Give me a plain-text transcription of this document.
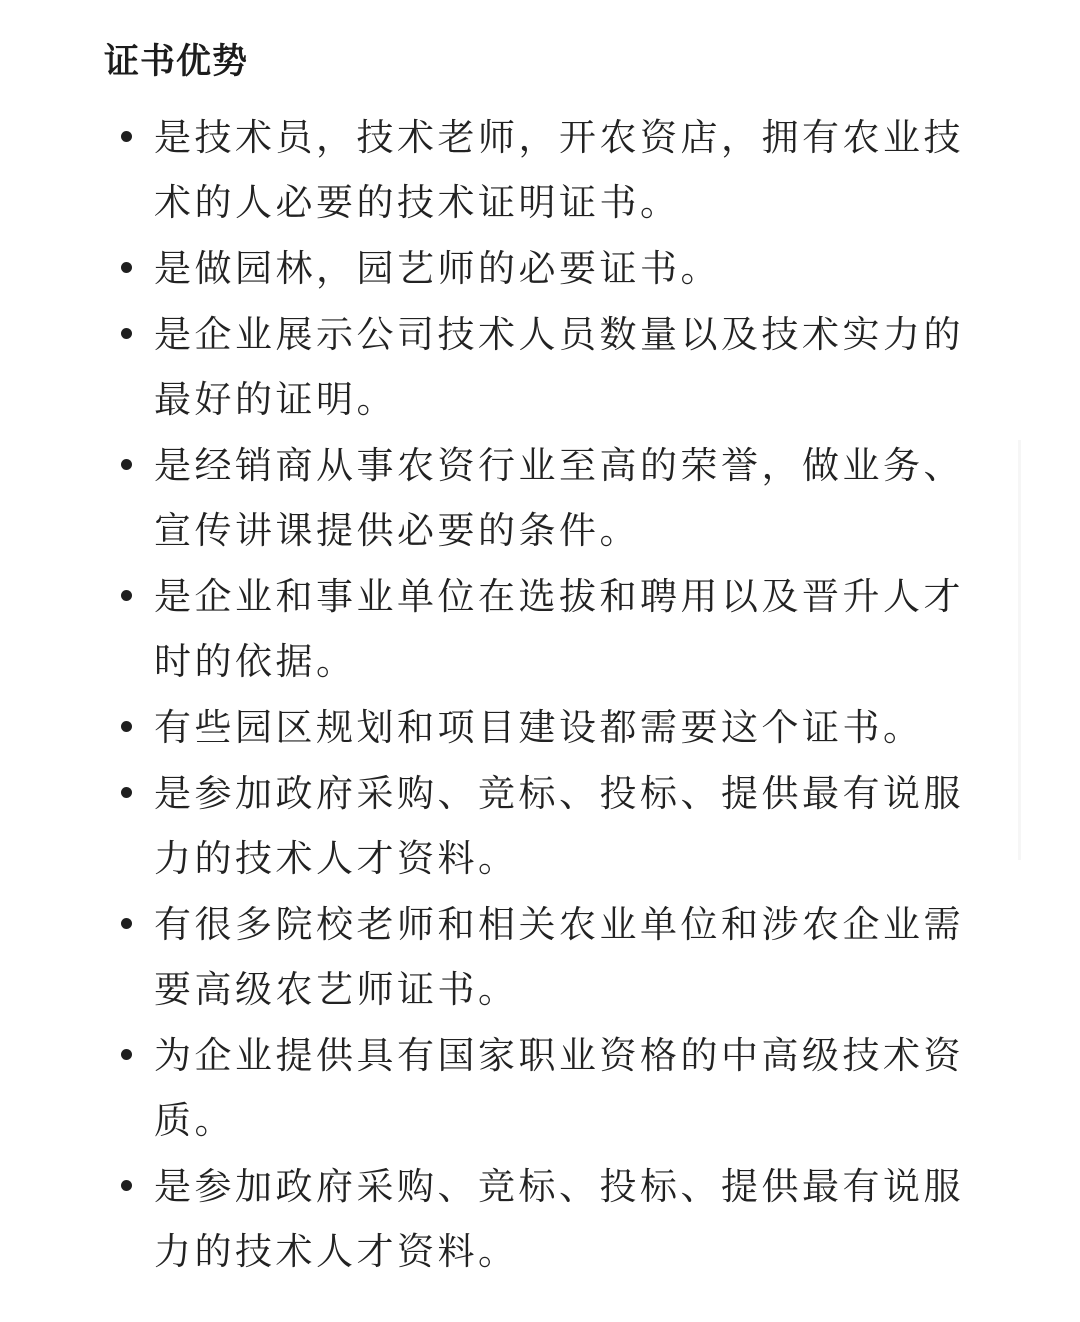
证书优势
是技术员，技术老师，开农资店，拥有农业技术的人必要的技术证明证书。
是做园林，园艺师的必要证书。
是企业展示公司技术人员数量以及技术实力的最好的证明。
是经销商从事农资行业至高的荣誉，做业务、宣传讲课提供必要的条件。
是企业和事业单位在选拔和聘用以及晋升人才时的依据。
有些园区规划和项目建设都需要这个证书。
是参加政府采购、竞标、投标、提供最有说服力的技术人才资料。
有很多院校老师和相关农业单位和涉农企业需要高级农艺师证书。
为企业提供具有国家职业资格的中高级技术资质。
是参加政府采购、竞标、投标、提供最有说服力的技术人才资料。
